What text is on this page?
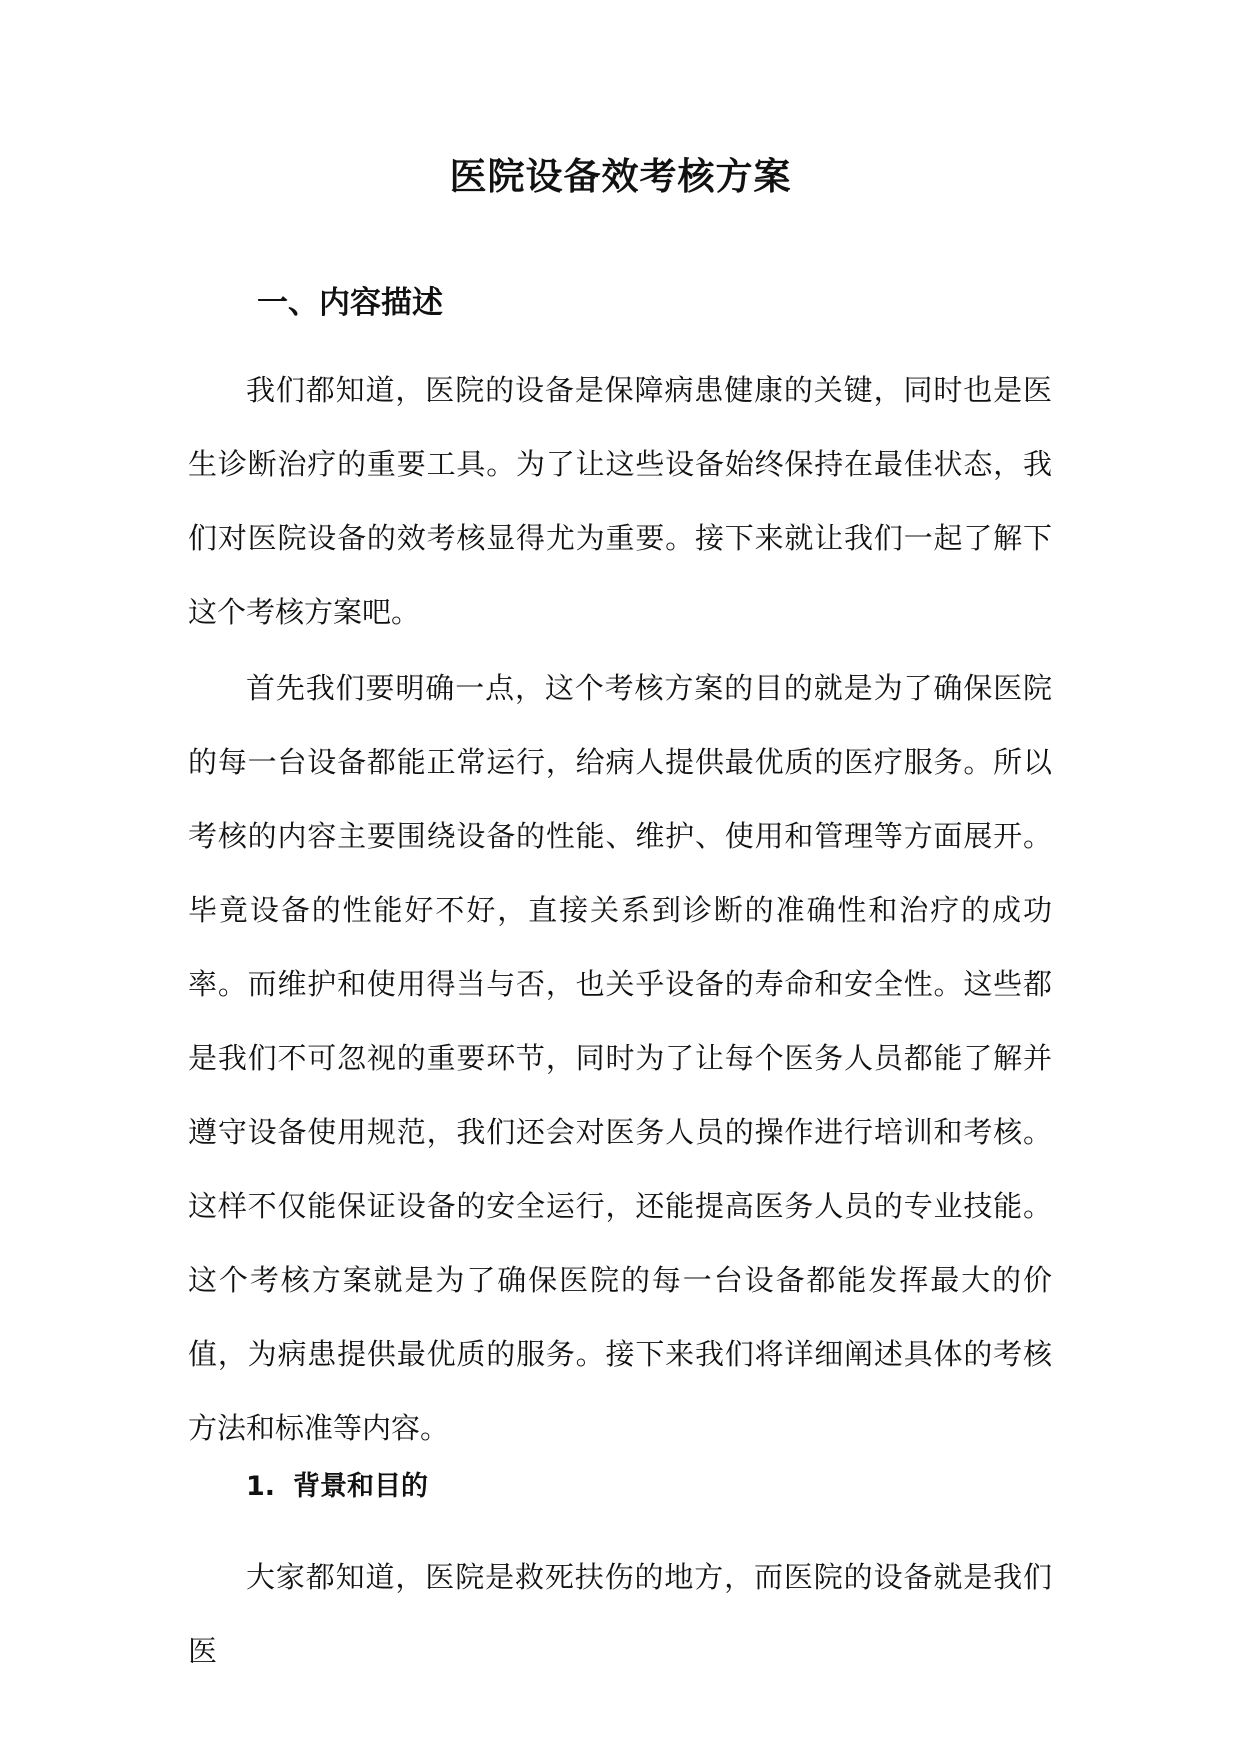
医院设备效考核方案
一、内容描述

我们都知道，医院的设备是保障病患健康的关键，同时也是医生诊断治疗的重要工具。为了让这些设备始终保持在最佳状态，我们对医院设备的效考核显得尤为重要。接下来就让我们一起了解下这个考核方案吧。

首先我们要明确一点，这个考核方案的目的就是为了确保医院的每一台设备都能正常运行，给病人提供最优质的医疗服务。所以考核的内容主要围绕设备的性能、维护、使用和管理等方面展开。毕竟设备的性能好不好，直接关系到诊断的准确性和治疗的成功率。而维护和使用得当与否，也关乎设备的寿命和安全性。这些都是我们不可忽视的重要环节，同时为了让每个医务人员都能了解并遵守设备使用规范，我们还会对医务人员的操作进行培训和考核。这样不仅能保证设备的安全运行，还能提高医务人员的专业技能。这个考核方案就是为了确保医院的每一台设备都能发挥最大的价值，为病患提供最优质的服务。接下来我们将详细阐述具体的考核方法和标准等内容。

1. 背景和目的

大家都知道，医院是救死扶伤的地方，而医院的设备就是我们医
